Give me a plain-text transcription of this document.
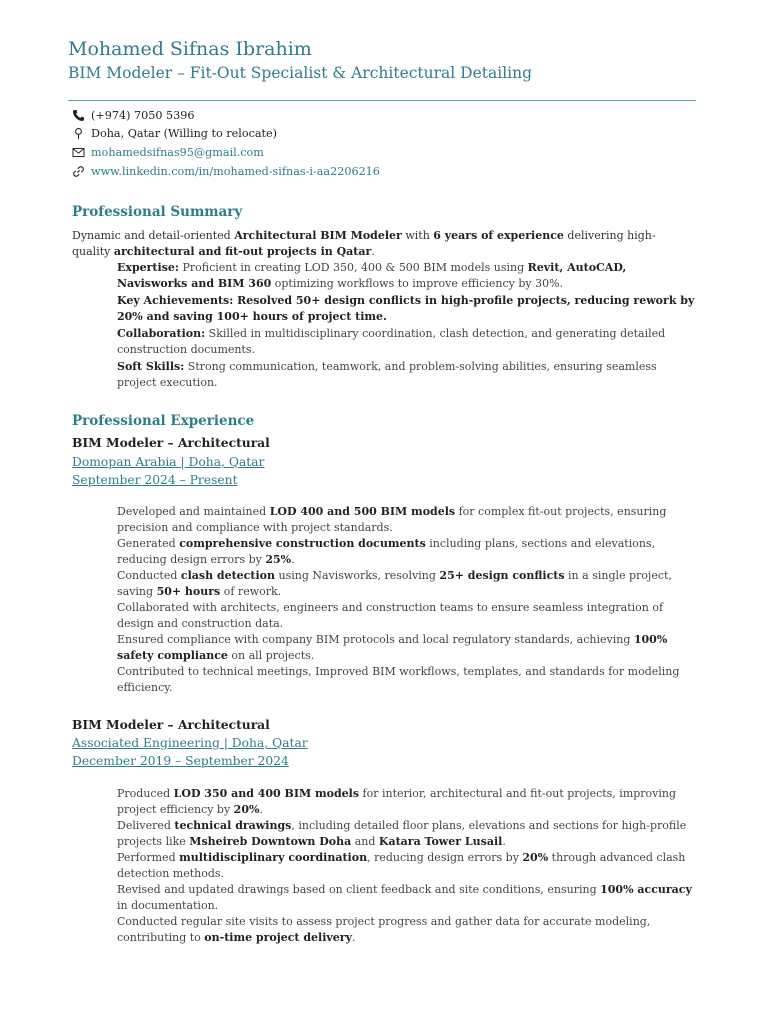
Mohamed Sifnas Ibrahim
BIM Modeler – Fit-Out Specialist & Architectural Detailing
(+974) 7050 5396
Doha, Qatar (Willing to relocate)
mohamedsifnas95@gmail.com
www.linkedin.com/in/mohamed-sifnas-i-aa2206216
Professional Summary

Dynamic and detail-oriented Architectural BIM Modeler with 6 years of experience delivering high-quality architectural and fit-out projects in Qatar.

Expertise: Proficient in creating LOD 350, 400 & 500 BIM models using Revit, AutoCAD, Navisworks and BIM 360 optimizing workflows to improve efficiency by 30%.

Key Achievements: Resolved 50+ design conflicts in high-profile projects, reducing rework by 20% and saving 100+ hours of project time.

Collaboration: Skilled in multidisciplinary coordination, clash detection, and generating detailed construction documents.

Soft Skills: Strong communication, teamwork, and problem-solving abilities, ensuring seamless project execution.

Professional Experience

BIM Modeler – Architectural

Domopan Arabia | Doha, Qatar

September 2024 – Present

Developed and maintained LOD 400 and 500 BIM models for complex fit-out projects, ensuring precision and compliance with project standards.

Generated comprehensive construction documents including plans, sections and elevations, reducing design errors by 25%.

Conducted clash detection using Navisworks, resolving 25+ design conflicts in a single project, saving 50+ hours of rework.

Collaborated with architects, engineers and construction teams to ensure seamless integration of design and construction data.

Ensured compliance with company BIM protocols and local regulatory standards, achieving 100% safety compliance on all projects.

Contributed to technical meetings, Improved BIM workflows, templates, and standards for modeling efficiency.

BIM Modeler – Architectural

Associated Engineering | Doha, Qatar

December 2019 – September 2024

Produced LOD 350 and 400 BIM models for interior, architectural and fit-out projects, improving project efficiency by 20%.

Delivered technical drawings, including detailed floor plans, elevations and sections for high-profile projects like Msheireb Downtown Doha and Katara Tower Lusail.

Performed multidisciplinary coordination, reducing design errors by 20% through advanced clash detection methods.

Revised and updated drawings based on client feedback and site conditions, ensuring 100% accuracy in documentation.

Conducted regular site visits to assess project progress and gather data for accurate modeling, contributing to on-time project delivery.
